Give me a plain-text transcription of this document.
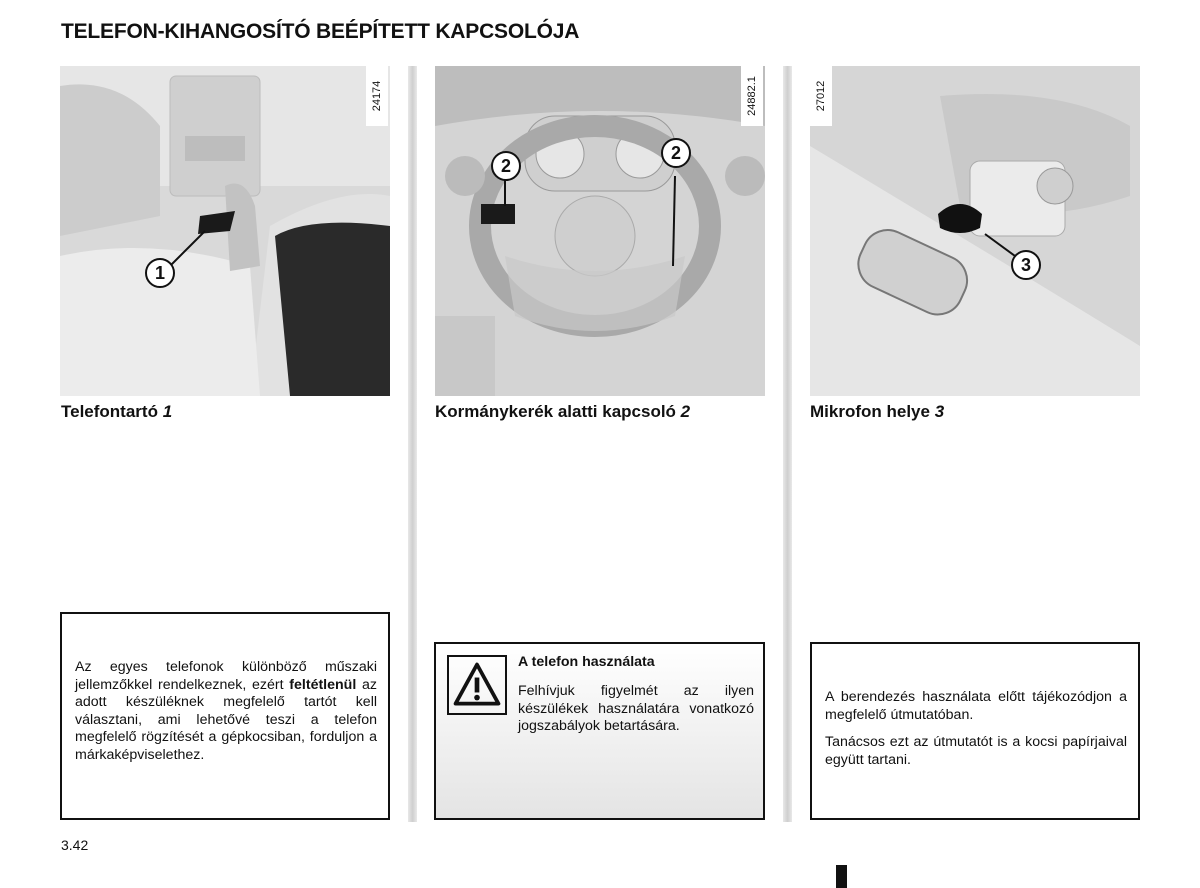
TELEFON-KIHANGOSÍTÓ BEÉPÍTETT KAPCSOLÓJA
24174
1
Telefontartó 1
24882.1
2
2
Kormánykerék alatti kapcsoló 2
27012
3
Mikrofon helye 3
Az egyes telefonok különböző műszaki jellemzőkkel rendelkeznek, ezért feltétlenül az adott készüléknek megfelelő tartót kell választani, ami lehetővé teszi a telefon megfelelő rögzítését a gépkocsiban, forduljon a márkaképviselethez.
A telefon használata
Felhívjuk figyelmét az ilyen készülékek használatára vonatkozó jogszabályok betartására.

A berendezés használata előtt tájékozódjon a megfelelő útmutatóban.

Tanácsos ezt az útmutatót is a kocsi papírjaival együtt tartani.

3.42
